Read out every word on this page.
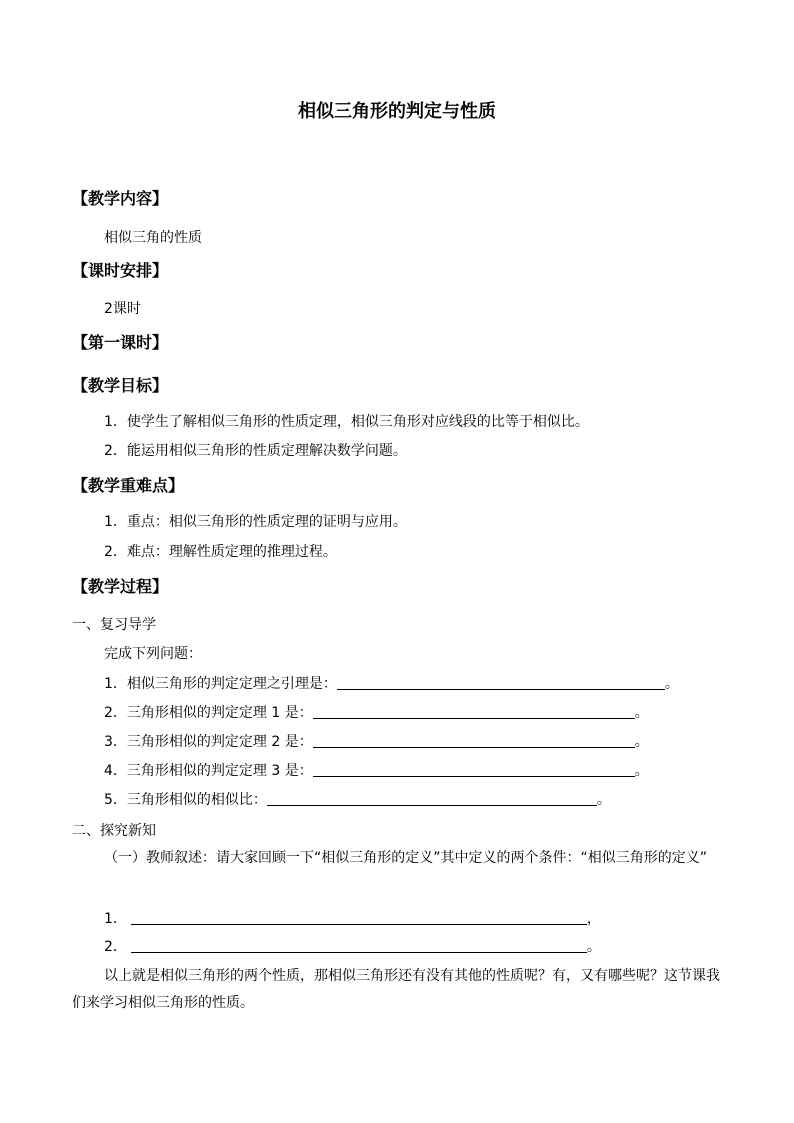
相似三角形的判定与性质
【教学内容】
相似三角的性质
【课时安排】
2课时
【第一课时】
【教学目标】
1．使学生了解相似三角形的性质定理，相似三角形对应线段的比等于相似比。
2．能运用相似三角形的性质定理解决数学问题。
【教学重难点】
1．重点：相似三角形的性质定理的证明与应用。
2．难点：理解性质定理的推理过程。
【教学过程】
一、复习导学
完成下列问题：
1．相似三角形的判定定理之引理是：	。
2．三角形相似的判定定理 1 是：	。
3．三角形相似的判定定理 2 是：	。
4．三角形相似的判定定理 3 是：	。
5．三角形相似的相似比：	。
二、探究新知
（一）教师叙述：请大家回顾一下“相似三角形的定义”其中定义的两个条件：“相似三角形的定义”
1．	，
2．	。
以上就是相似三角形的两个性质，那相似三角形还有没有其他的性质呢？有，又有哪些呢？这节课我们来学习相似三角形的性质。
